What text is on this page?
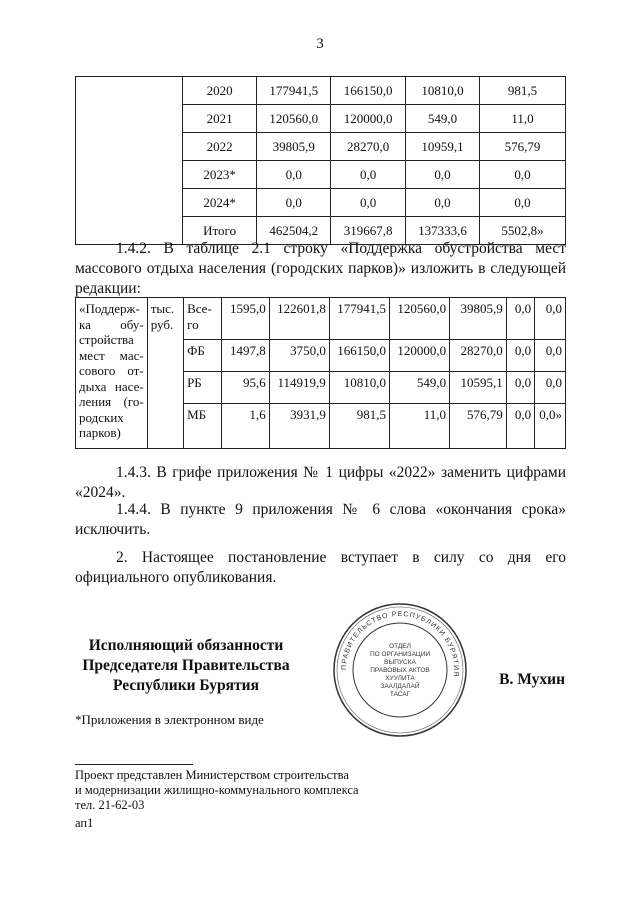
3
	2020	177941,5	166150,0	10810,0	981,5
	2021	120560,0	120000,0	549,0	11,0
	2022	39805,9	28270,0	10959,1	576,79
	2023*	0,0	0,0	0,0	0,0
	2024*	0,0	0,0	0,0	0,0
	Итого	462504,2	319667,8	137333,6	5502,8»
1.4.2. В таблице 2.1 строку «Поддержка обустройства мест массового отдыха населения (городских парков)» изложить в следующей редакции:
«Поддерж-ка обу-стройства мест мас-сового от-дыха насе-ления (го-родских парков)	тыс. руб.	Все-го	1595,0	122601,8	177941,5	120560,0	39805,9	0,0	0,0
		ФБ	1497,8	3750,0	166150,0	120000,0	28270,0	0,0	0,0
		РБ	95,6	114919,9	10810,0	549,0	10595,1	0,0	0,0
		МБ	1,6	3931,9	981,5	11,0	576,79	0,0	0,0»
1.4.3. В грифе приложения № 1 цифры «2022» заменить цифрами «2024».
1.4.4. В пункте 9 приложения № 6 слова «окончания срока» исключить.
2. Настоящее постановление вступает в силу со дня его официального опубликования.
Исполняющий обязанности
Председателя Правительства
Республики Бурятия
ПРАВИТЕЛЬСТВО РЕСПУБЛИКИ БУРЯТИЯ
ОТДЕЛ
ПО ОРГАНИЗАЦИИ
ВЫПУСКА
ПРАВОВЫХ АКТОВ
ХУУЛИТА
ЗААЛДАЛАЙ
ТАСАГ
В. Мухин
*Приложения в электронном виде
Проект представлен Министерством строительства
и модернизации жилищно-коммунального комплекса
тел. 21-62-03
ап1
